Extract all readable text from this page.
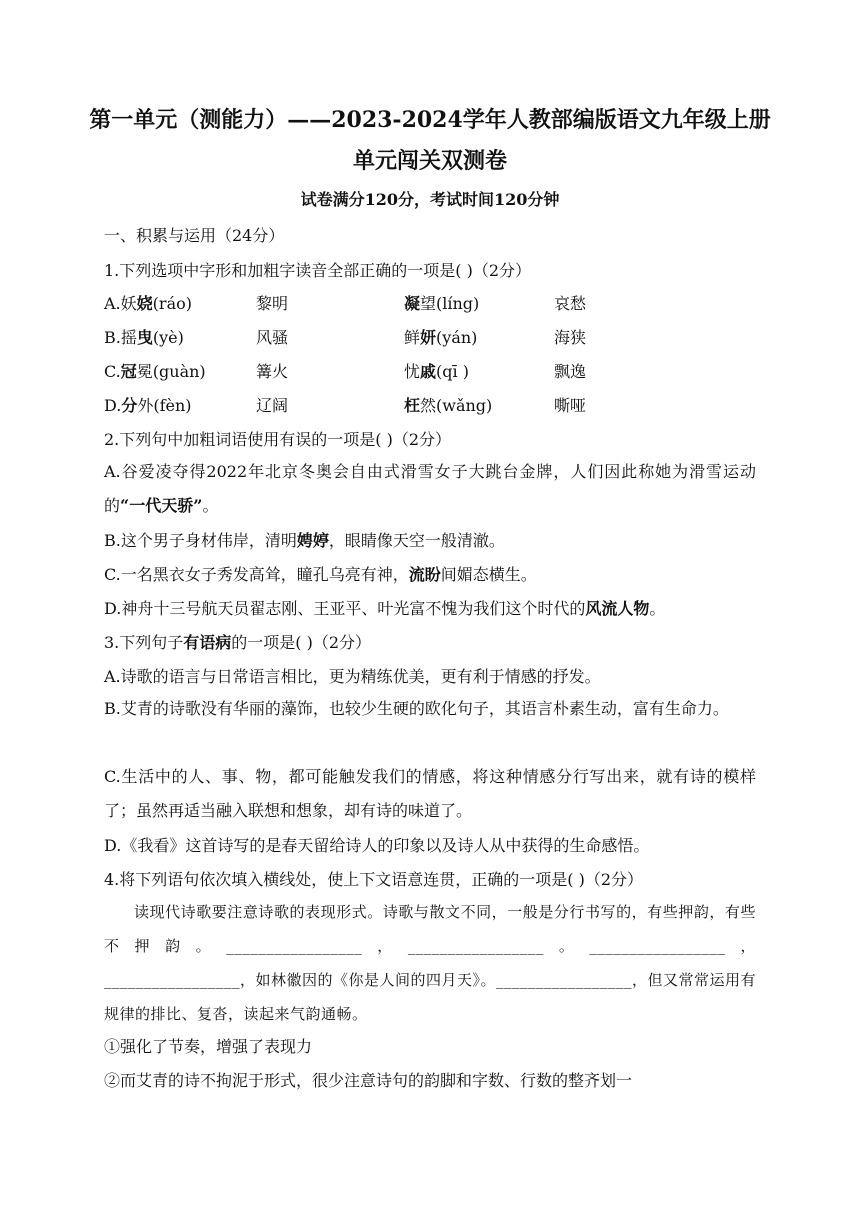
第一单元（测能力）——2023-2024学年人教部编版语文九年级上册
单元闯关双测卷
试卷满分120分，考试时间120分钟
一、积累与运用（24分）
1.下列选项中字形和加粗字读音全部正确的一项是( )（2分）
A.妖娆(ráo)	黎明	凝望(líng)	哀愁
B.摇曳(yè)	风骚	鲜妍(yán)	海狭
C.冠冕(guàn)	篝火	忧戚(qī )	飘逸
D.分外(fèn)	辽阔	枉然(wǎng)	嘶哑
2.下列句中加粗词语使用有误的一项是( )（2分）
A.谷爱凌夺得2022年北京冬奥会自由式滑雪女子大跳台金牌，人们因此称她为滑雪运动的“一代天骄”。
B.这个男子身材伟岸，清明娉婷，眼睛像天空一般清澈。
C.一名黑衣女子秀发高耸，瞳孔乌亮有神，流盼间媚态横生。
D.神舟十三号航天员翟志刚、王亚平、叶光富不愧为我们这个时代的风流人物。
3.下列句子有语病的一项是( )（2分）
A.诗歌的语言与日常语言相比，更为精练优美，更有利于情感的抒发。
B.艾青的诗歌没有华丽的藻饰，也较少生硬的欧化句子，其语言朴素生动，富有生命力。
C.生活中的人、事、物，都可能触发我们的情感，将这种情感分行写出来，就有诗的模样了；虽然再适当融入联想和想象，却有诗的味道了。
D.《我看》这首诗写的是春天留给诗人的印象以及诗人从中获得的生命感悟。
4.将下列语句依次填入横线处，使上下文语意连贯，正确的一项是( )（2分）
读现代诗歌要注意诗歌的表现形式。诗歌与散文不同，一般是分行书写的，有些押韵，有些不押韵。_________________，_________________。_________________，_________________，如林徽因的《你是人间的四月天》。_________________，但又常常运用有规律的排比、复沓，读起来气韵通畅。
①强化了节奏，增强了表现力
②而艾青的诗不拘泥于形式，很少注意诗句的韵脚和字数、行数的整齐划一
